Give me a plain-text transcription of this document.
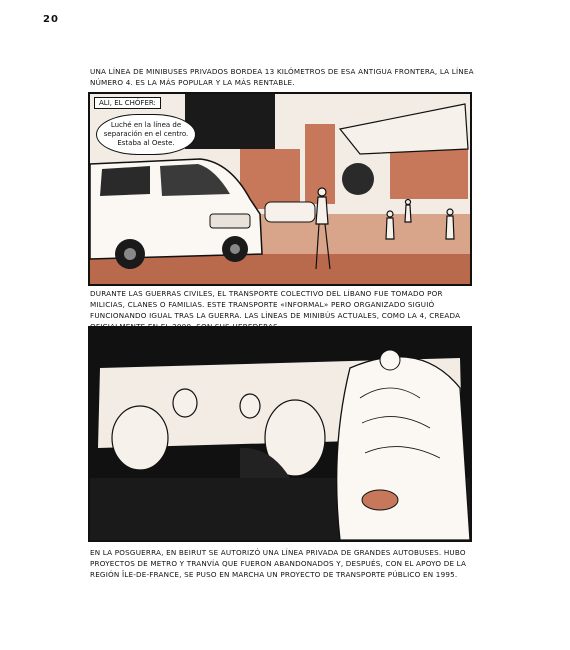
20
UNA LÍNEA DE MINIBUSES PRIVADOS BORDEA 13 KILÓMETROS DE ESA ANTIGUA FRONTERA, LA LÍNEA NÚMERO 4. ES LA MÁS POPULAR Y LA MÁS RENTABLE.
ALI, EL CHÓFER:
Luché en la línea de separación en el centro. Estaba al Oeste.
DURANTE LAS GUERRAS CIVILES, EL TRANSPORTE COLECTIVO DEL LÍBANO FUE TOMADO POR MILICIAS, CLANES O FAMILIAS. ESTE TRANSPORTE «INFORMAL» PERO ORGANIZADO SIGUIÓ FUNCIONANDO IGUAL TRAS LA GUERRA. LAS LÍNEAS DE MINIBÚS ACTUALES, COMO LA 4, CREADA
EN LA POSGUERRA, EN BEIRUT SE AUTORIZÓ UNA LÍNEA PRIVADA DE GRANDES AUTOBUSES. HUBO PROYECTOS DE METRO Y TRANVÍA QUE FUERON ABANDONADOS Y, DESPUÉS, CON EL APOYO DE LA REGIÓN ÎLE-DE-FRANCE, SE PUSO EN MARCHA UN PROYECTO DE TRANSPORTE PÚBLICO EN 1995.
